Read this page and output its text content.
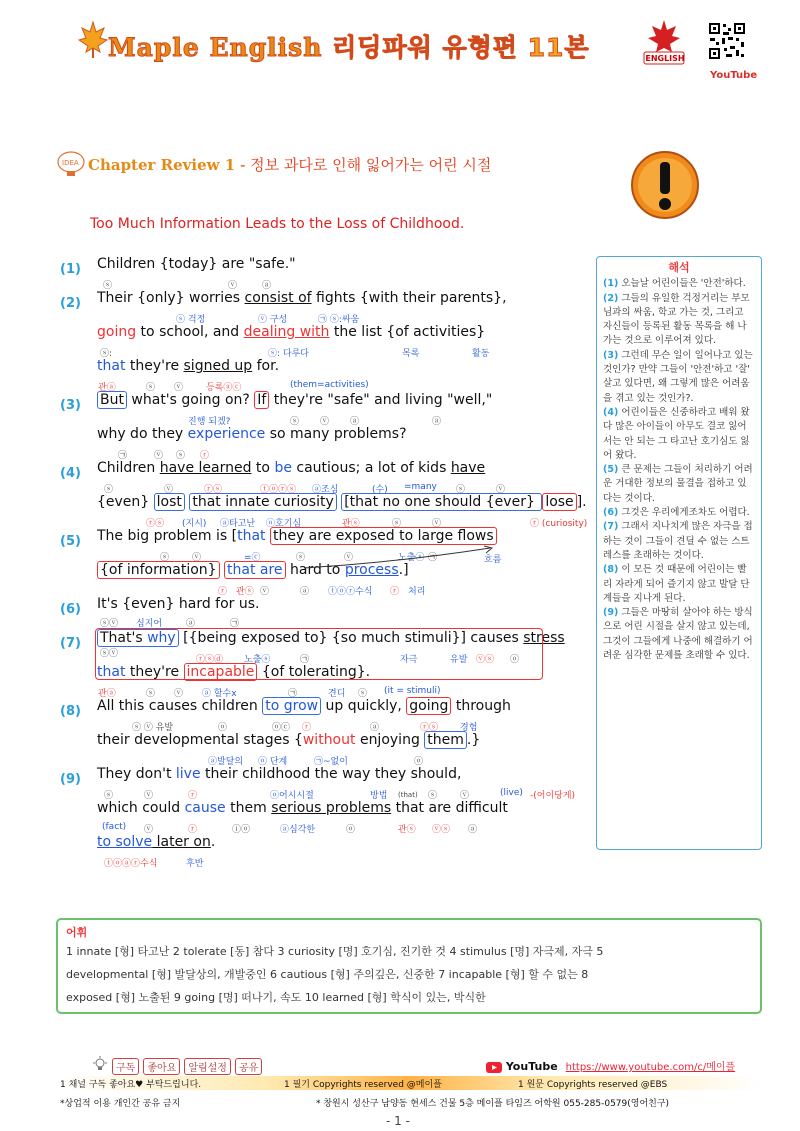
Maple English 리딩파워 유형편 11본	ENGLISH
YouTube
IDEA Chapter Review 1 - 정보 과다로 인해 잃어가는 어린 시절
Too Much Information Leads to the Loss of Childhood.
(1) Children {today} are "safe."
ⓢ	ⓥ	ⓐ
(2) Their {only} worries consist of fights {with their parents},
ⓢ 걱정	ⓥ 구성	㉠ ⓢ:싸움
going to school, and dealing with the list {of activities}
ⓢ:	ⓢ: 다루다	목록	활동
that they're signed up for.
관ⓐ	ⓢ ⓥ	등록ⓐⓒ	(them=activities)
(3) But what's going on? If they're "safe" and living "well,"
진행 되겠?	ⓢ ⓥ ⓐ	ⓐ
why do they experience so many problems?
㉠	ⓥ ⓢ ⓡ
(4) Children have learned to be cautious; a lot of kids have
ⓢ	ⓥ	ⓡⓢ	ⓣⓞⓡⓢ ⓐ조심	(수) =many ⓢ	ⓥ
{even} lost that innate curiosity [that no one should {ever} lose ].
ⓡⓢ (지시) ⓐ타고난 ⓞ호기심	관ⓢ	ⓢ	ⓥ	ⓡ (curiosity)
(5) The big problem is [that they are exposed to large flows
ⓢ	ⓥ	=ⓒ	ⓢ	ⓥ	노출ⓢ ㉠	흐름
{of information} that are hard to process.]
ⓡ 관ⓢ ⓥ	ⓐ ⓣⓞⓡ수식 ⓡ 처리
ⓢⓥ 심지어	ⓐ	㉠
(6) It's {even} hard for us.
(7) That's why [{being exposed to} {so much stimuli}] causes stress
ⓢⓥ
ⓡⓢⓓ 노출ⓢ	㉠	자극	유발 ⓥⓢ ⓞ
that they're incapable {of tolerating}.
관ⓐ	ⓢ ⓥ ⓐ 할수x	㉠	견디 ⓢ (it = stimuli)
(8) All this causes children to grow up quickly, going through
ⓢ ⓥ 유발	ⓞ	ⓞⓒ ⓡ	ⓐ	ⓡⓢ 경험
their developmental stages {without enjoying them .}
ⓐ발달의 ⓞ 단계	㉠~없이	ⓞ
(9) They don't live their childhood the way they should,
ⓢ	ⓥ	ⓡ	ⓞ어시시절	방법 (that) ⓢ	ⓥ	(live) -(어이당게)
which could cause them serious problems that are difficult
(fact) ⓥ	ⓡ	ⓘⓞ	ⓐ심각한	ⓞ	관ⓢ ⓥⓢ ⓐ
to solve later on.
ⓣⓞⓐⓡ수식	후반
해석
(1) 오늘날 어린이들은 '안전'하다.
(2) 그들의 유일한 걱정거리는 부모님과의 싸움, 학교 가는 것, 그리고 자신들이 등록된 활동 목록을 해 나가는 것으로 이루어져 있다.
(3) 그런데 무슨 일이 일어나고 있는 것인가? 만약 그들이 '안전'하고 '잘' 살고 있다면, 왜 그렇게 많은 어려움을 겪고 있는 것인가?.
(4) 어린이들은 신중하라고 배워 왔다 많은 아이들이 아무도 결코 잃어서는 안 되는 그 타고난 호기심도 잃어 왔다.
(5) 큰 문제는 그들이 처리하기 어려운 거대한 정보의 물결을 접하고 있다는 것이다.
(6) 그것은 우리에게조차도 어렵다.
(7) 그래서 지나치게 많은 자극을 접하는 것이 그들이 견딜 수 없는 스트레스를 초래하는 것이다.
(8) 이 모든 것 때문에 어린이는 빨리 자라게 되어 즐기지 않고 발달 단계들을 지나게 된다.
(9) 그들은 마땅히 살아야 하는 방식으로 어린 시절을 살지 않고 있는데, 그것이 그들에게 나중에 해결하기 어려운 심각한 문제를 초래할 수 있다.
어휘
1 innate [형] 타고난 2 tolerate [동] 참다 3 curiosity [명] 호기심, 진기한 것 4 stimulus [명] 자극제, 자극 5
developmental [형] 발달상의, 개발중인 6 cautious [형] 주의깊은, 신중한 7 incapable [형] 할 수 없는 8
exposed [형] 노출된 9 going [명] 떠나기, 속도 10 learned [형] 학식이 있는, 박식한
구독 좋아요 알림설정 공유	YouTube https://www.youtube.com/c/메이플
1 채널 구독 좋아요♥ 부탁드립니다.	1 필기 Copyrights reserved @메이플	1 원문 Copyrights reserved @EBS
*상업적 이용 개인간 공유 금지	* 창원시 성산구 남양동 현세스 건물 5층 메이플 타임즈 어학원 055-285-0579(영어친구)
- 1 -
